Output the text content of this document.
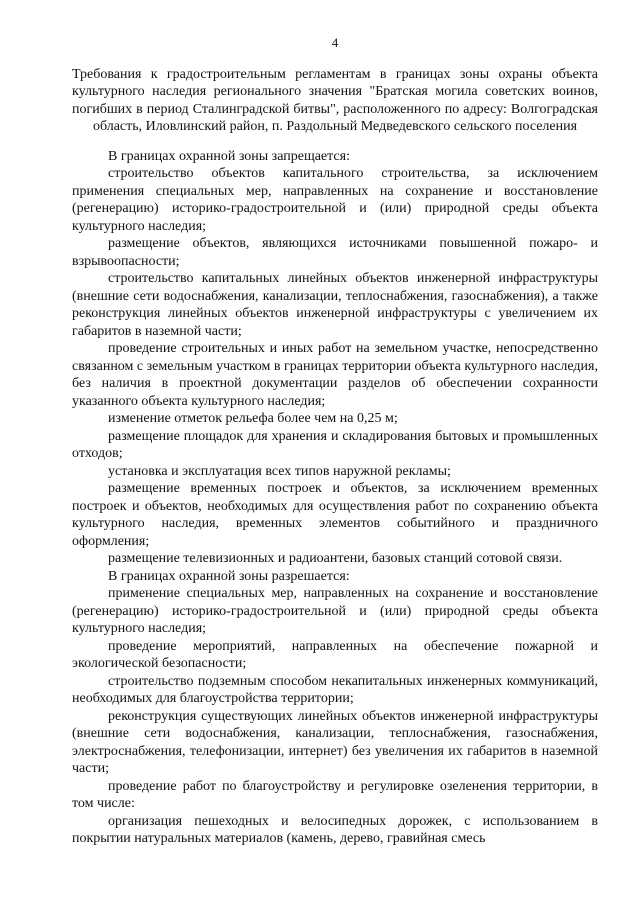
4

Требования к градостроительным регламентам в границах зоны охраны объекта культурного наследия регионального значения "Братская могила советских воинов, погибших в период Сталинградской битвы", расположенного по адресу: Волгоградская область, Иловлинский район, п. Раздольный Медведевского сельского поселения

В границах охранной зоны запрещается:

строительство объектов капитального строительства, за исключением применения специальных мер, направленных на сохранение и восстановление (регенерацию) историко-градостроительной и (или) природной среды объекта культурного наследия;

размещение объектов, являющихся источниками повышенной пожаро- и взрывоопасности;

строительство капитальных линейных объектов инженерной инфраструктуры (внешние сети водоснабжения, канализации, теплоснабжения, газоснабжения), а также реконструкция линейных объектов инженерной инфраструктуры с увеличением их габаритов в наземной части;

проведение строительных и иных работ на земельном участке, непосредственно связанном с земельным участком в границах территории объекта культурного наследия, без наличия в проектной документации разделов об обеспечении сохранности указанного объекта культурного наследия;

изменение отметок рельефа более чем на 0,25 м;

размещение площадок для хранения и складирования бытовых и промышленных отходов;

установка и эксплуатация всех типов наружной рекламы;

размещение временных построек и объектов, за исключением временных построек и объектов, необходимых для осуществления работ по сохранению объекта культурного наследия, временных элементов событийного и праздничного оформления;

размещение телевизионных и радиоантени, базовых станций сотовой связи.

В границах охранной зоны разрешается:

применение специальных мер, направленных на сохранение и восстановление (регенерацию) историко-градостроительной и (или) природной среды объекта культурного наследия;

проведение мероприятий, направленных на обеспечение пожарной и экологической безопасности;

строительство подземным способом некапитальных инженерных коммуникаций, необходимых для благоустройства территории;

реконструкция существующих линейных объектов инженерной инфраструктуры (внешние сети водоснабжения, канализации, теплоснабжения, газоснабжения, электроснабжения, телефонизации, интернет) без увеличения их габаритов в наземной части;

проведение работ по благоустройству и регулировке озеленения территории, в том числе:

организация пешеходных и велосипедных дорожек, с использованием в покрытии натуральных материалов (камень, дерево, гравийная смесь
